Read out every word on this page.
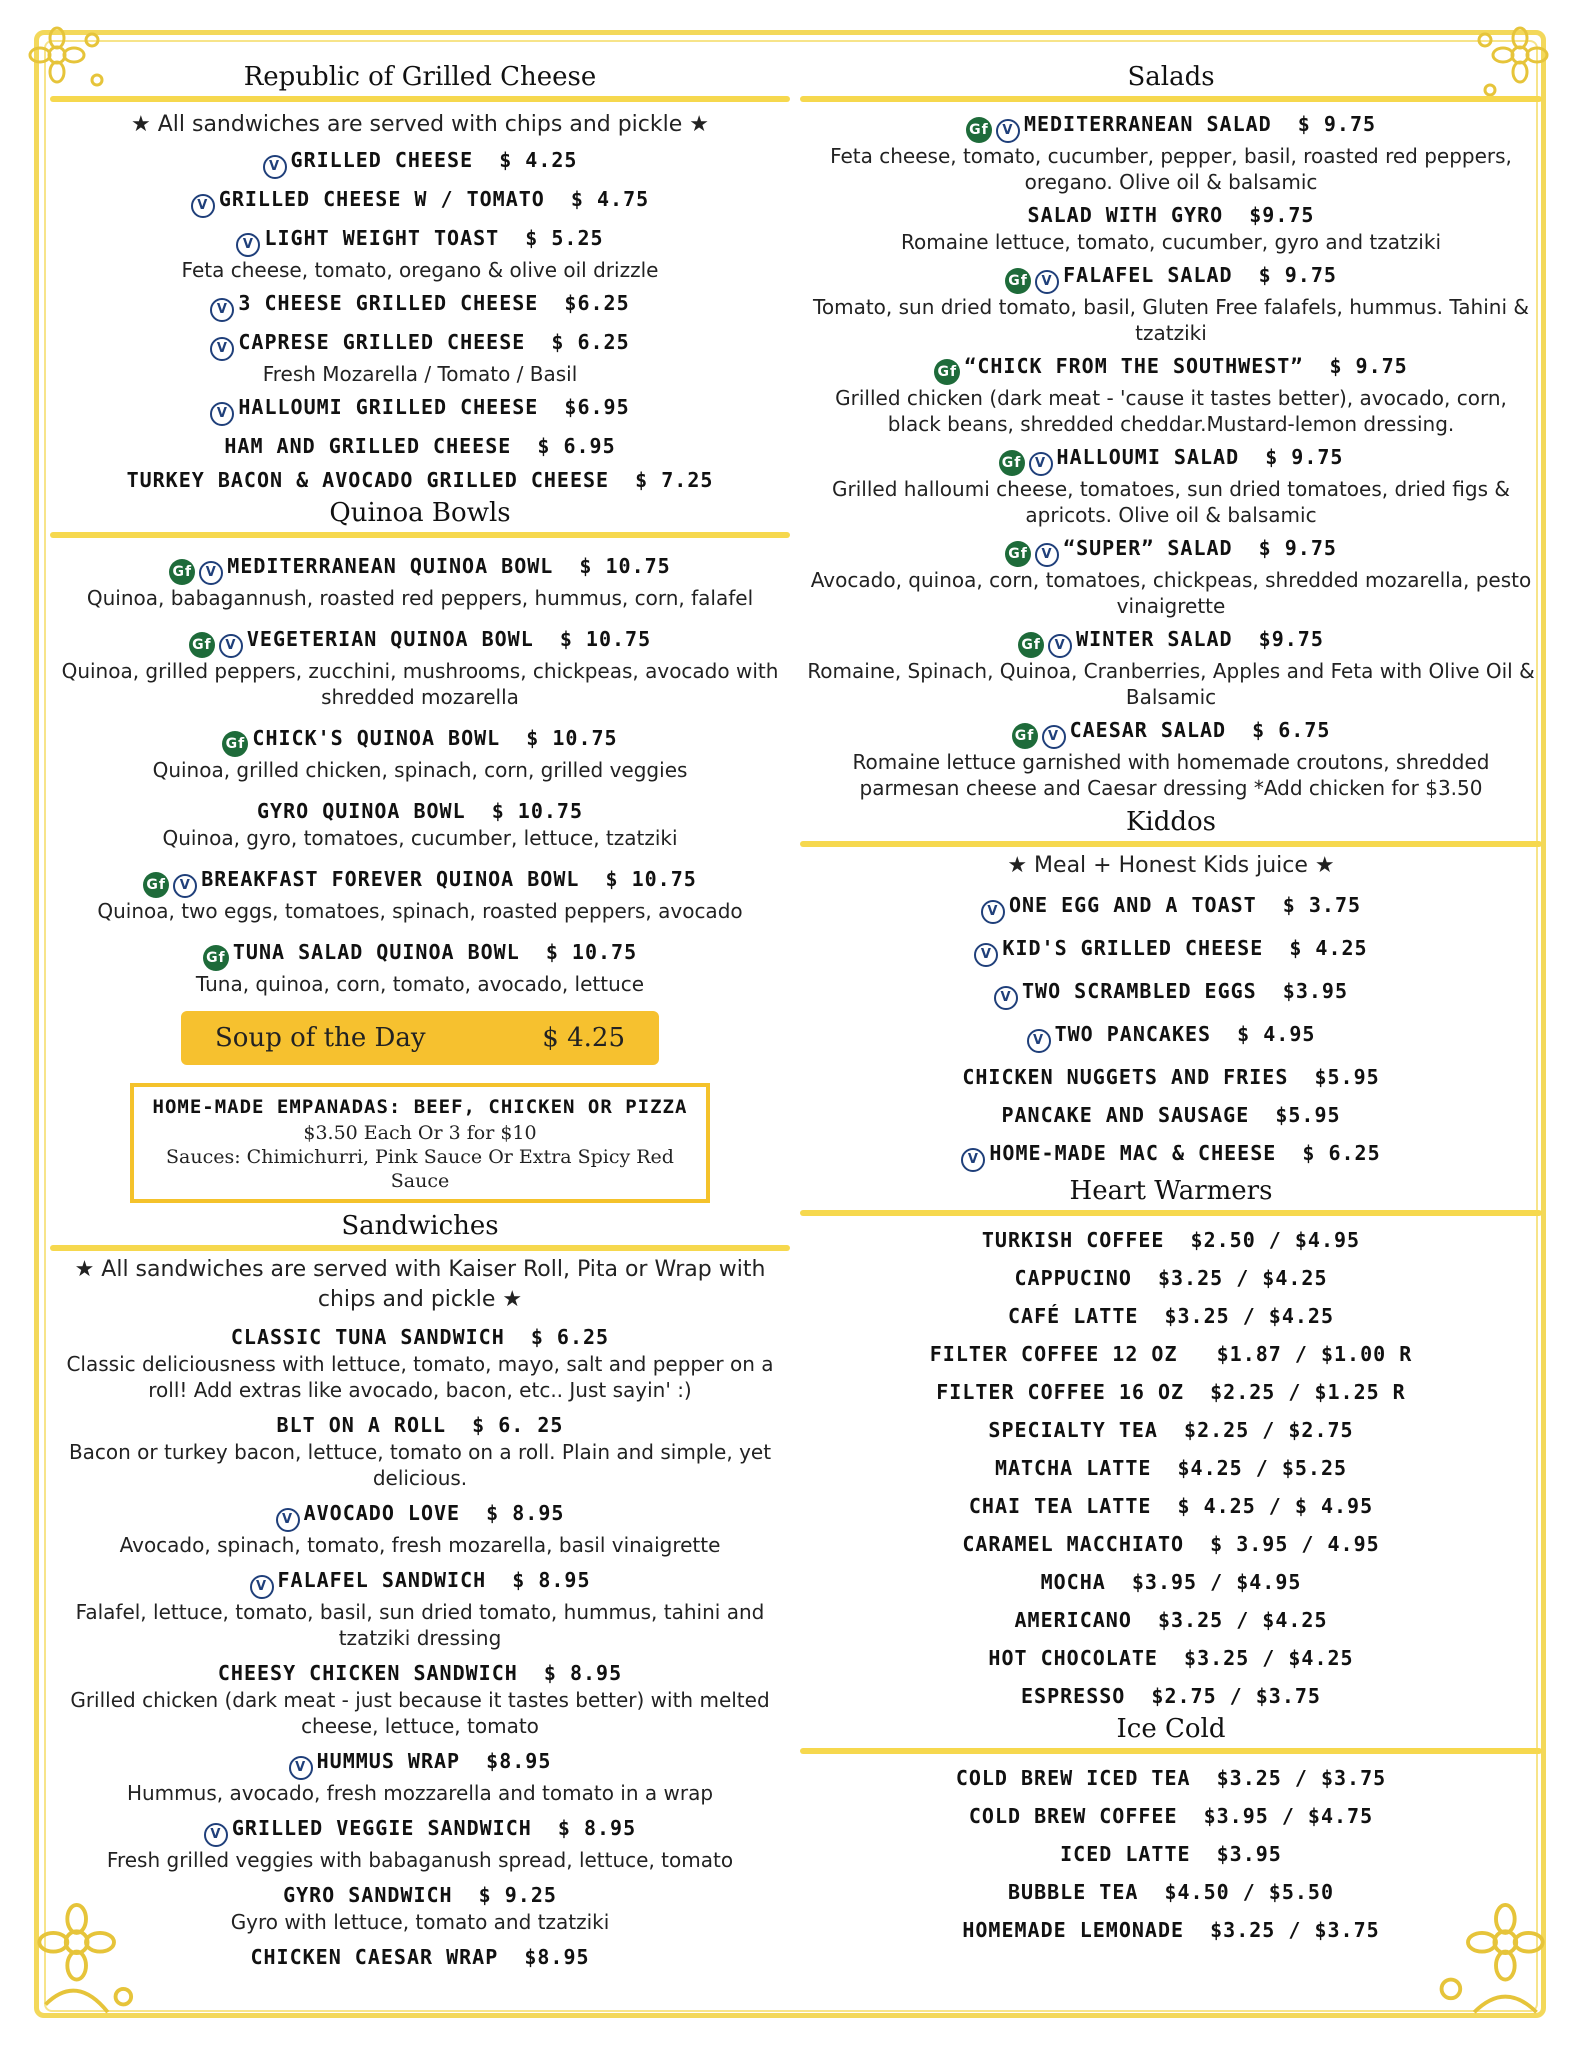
Republic of Grilled Cheese
★ All sandwiches are served with chips and pickle ★
V GRILLED CHEESE  $ 4.25
V GRILLED CHEESE W / TOMATO  $ 4.75
V LIGHT WEIGHT TOAST  $ 5.25
Feta cheese, tomato, oregano & olive oil drizzle
V 3 CHEESE GRILLED CHEESE  $6.25
V CAPRESE GRILLED CHEESE  $ 6.25
Fresh Mozarella / Tomato / Basil
V HALLOUMI GRILLED CHEESE  $6.95
HAM AND GRILLED CHEESE  $ 6.95
TURKEY BACON & AVOCADO GRILLED CHEESE  $ 7.25
Quinoa Bowls
Gf V MEDITERRANEAN QUINOA BOWL  $ 10.75
Quinoa, babagannush, roasted red peppers, hummus, corn, falafel
Gf V VEGETERIAN QUINOA BOWL  $ 10.75
Quinoa, grilled peppers, zucchini, mushrooms, chickpeas, avocado with shredded mozarella
Gf CHICK'S QUINOA BOWL  $ 10.75
Quinoa, grilled chicken, spinach, corn, grilled veggies
GYRO QUINOA BOWL  $ 10.75
Quinoa, gyro, tomatoes, cucumber, lettuce, tzatziki
Gf V BREAKFAST FOREVER QUINOA BOWL  $ 10.75
Quinoa, two eggs, tomatoes, spinach, roasted peppers, avocado
Gf TUNA SALAD QUINOA BOWL  $ 10.75
Tuna, quinoa, corn, tomato, avocado, lettuce
Soup of the Day	$ 4.25
HOME-MADE EMPANADAS: BEEF, CHICKEN OR PIZZA
$3.50 Each Or 3 for $10
Sauces: Chimichurri, Pink Sauce Or Extra Spicy Red Sauce
Sandwiches
★ All sandwiches are served with Kaiser Roll, Pita or Wrap with chips and pickle ★
CLASSIC TUNA SANDWICH  $ 6.25
Classic deliciousness with lettuce, tomato, mayo, salt and pepper on a roll! Add extras like avocado, bacon, etc.. Just sayin' :)
BLT ON A ROLL  $ 6. 25
Bacon or turkey bacon, lettuce, tomato on a roll. Plain and simple, yet delicious.
V AVOCADO LOVE  $ 8.95
Avocado, spinach, tomato, fresh mozarella, basil vinaigrette
V FALAFEL SANDWICH  $ 8.95
Falafel, lettuce, tomato, basil, sun dried tomato, hummus, tahini and tzatziki dressing
CHEESY CHICKEN SANDWICH  $ 8.95
Grilled chicken (dark meat - just because it tastes better) with melted cheese, lettuce, tomato
V HUMMUS WRAP  $8.95
Hummus, avocado, fresh mozzarella and tomato in a wrap
V GRILLED VEGGIE SANDWICH  $ 8.95
Fresh grilled veggies with babaganush spread, lettuce, tomato
GYRO SANDWICH  $ 9.25
Gyro with lettuce, tomato and tzatziki
CHICKEN CAESAR WRAP  $8.95
Salads
Gf V MEDITERRANEAN SALAD  $ 9.75
Feta cheese, tomato, cucumber, pepper, basil, roasted red peppers, oregano. Olive oil & balsamic
SALAD WITH GYRO  $9.75
Romaine lettuce, tomato, cucumber, gyro and tzatziki
Gf V FALAFEL SALAD  $ 9.75
Tomato, sun dried tomato, basil, Gluten Free falafels, hummus. Tahini & tzatziki
Gf “CHICK FROM THE SOUTHWEST”  $ 9.75
Grilled chicken (dark meat - 'cause it tastes better), avocado, corn, black beans, shredded cheddar.Mustard-lemon dressing.
Gf V HALLOUMI SALAD  $ 9.75
Grilled halloumi cheese, tomatoes, sun dried tomatoes, dried figs & apricots. Olive oil & balsamic
Gf V “SUPER” SALAD  $ 9.75
Avocado, quinoa, corn, tomatoes, chickpeas, shredded mozarella, pesto vinaigrette
Gf V WINTER SALAD  $9.75
Romaine, Spinach, Quinoa, Cranberries, Apples and Feta with Olive Oil & Balsamic
Gf V CAESAR SALAD  $ 6.75
Romaine lettuce garnished with homemade croutons, shredded parmesan cheese and Caesar dressing *Add chicken for $3.50
Kiddos
★ Meal + Honest Kids juice ★
V ONE EGG AND A TOAST  $ 3.75
V KID'S GRILLED CHEESE  $ 4.25
V TWO SCRAMBLED EGGS  $3.95
V TWO PANCAKES  $ 4.95
CHICKEN NUGGETS AND FRIES  $5.95
PANCAKE AND SAUSAGE  $5.95
V HOME-MADE MAC & CHEESE  $ 6.25
Heart Warmers
TURKISH COFFEE  $2.50 / $4.95
CAPPUCINO  $3.25 / $4.25
CAFÉ LATTE  $3.25 / $4.25
FILTER COFFEE 12 OZ   $1.87 / $1.00 R
FILTER COFFEE 16 OZ  $2.25 / $1.25 R
SPECIALTY TEA  $2.25 / $2.75
MATCHA LATTE  $4.25 / $5.25
CHAI TEA LATTE  $ 4.25 / $ 4.95
CARAMEL MACCHIATO  $ 3.95 / 4.95
MOCHA  $3.95 / $4.95
AMERICANO  $3.25 / $4.25
HOT CHOCOLATE  $3.25 / $4.25
ESPRESSO  $2.75 / $3.75
Ice Cold
COLD BREW ICED TEA  $3.25 / $3.75
COLD BREW COFFEE  $3.95 / $4.75
ICED LATTE  $3.95
BUBBLE TEA  $4.50 / $5.50
HOMEMADE LEMONADE  $3.25 / $3.75
